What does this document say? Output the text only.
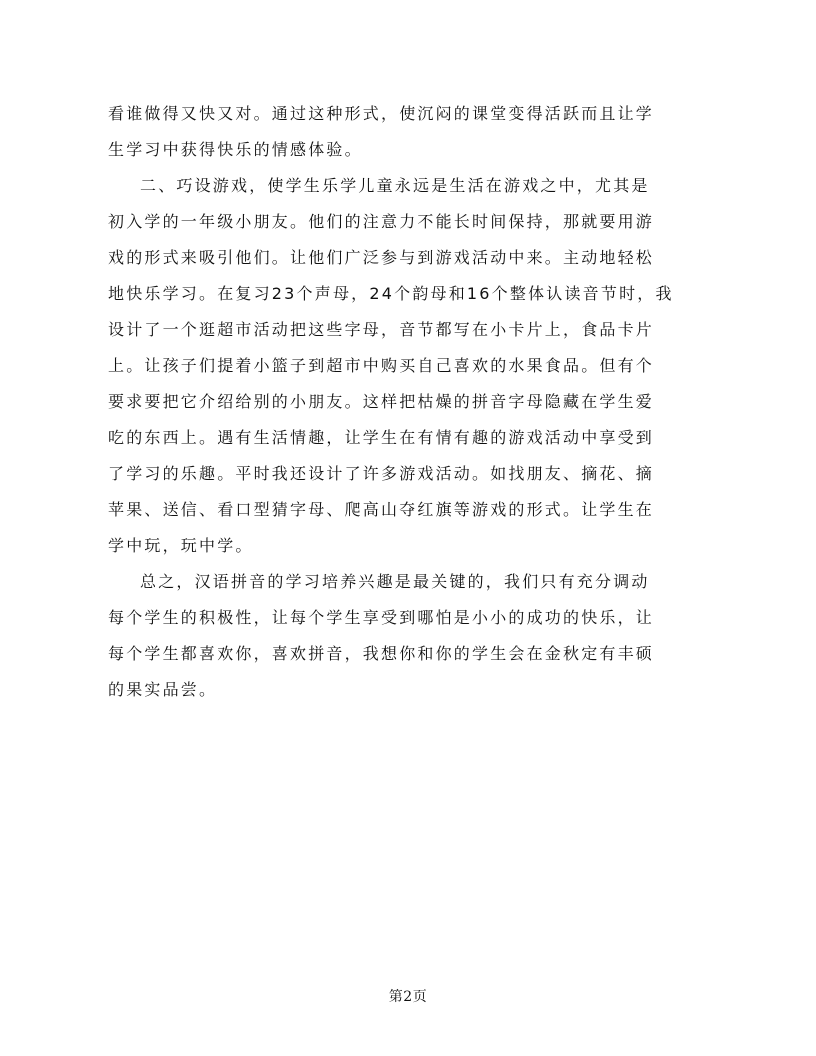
看谁做得又快又对。通过这种形式，使沉闷的课堂变得活跃而且让学
生学习中获得快乐的情感体验。
二、巧设游戏，使学生乐学儿童永远是生活在游戏之中，尤其是
初入学的一年级小朋友。他们的注意力不能长时间保持，那就要用游
戏的形式来吸引他们。让他们广泛参与到游戏活动中来。主动地轻松
地快乐学习。在复习23个声母，24个韵母和16个整体认读音节时，我
设计了一个逛超市活动把这些字母，音节都写在小卡片上，食品卡片
上。让孩子们提着小篮子到超市中购买自己喜欢的水果食品。但有个
要求要把它介绍给别的小朋友。这样把枯燥的拼音字母隐藏在学生爱
吃的东西上。遇有生活情趣，让学生在有情有趣的游戏活动中享受到
了学习的乐趣。平时我还设计了许多游戏活动。如找朋友、摘花、摘
苹果、送信、看口型猜字母、爬高山夺红旗等游戏的形式。让学生在
学中玩，玩中学。
总之，汉语拼音的学习培养兴趣是最关键的，我们只有充分调动
每个学生的积极性，让每个学生享受到哪怕是小小的成功的快乐，让
每个学生都喜欢你，喜欢拼音，我想你和你的学生会在金秋定有丰硕
的果实品尝。
第2页
